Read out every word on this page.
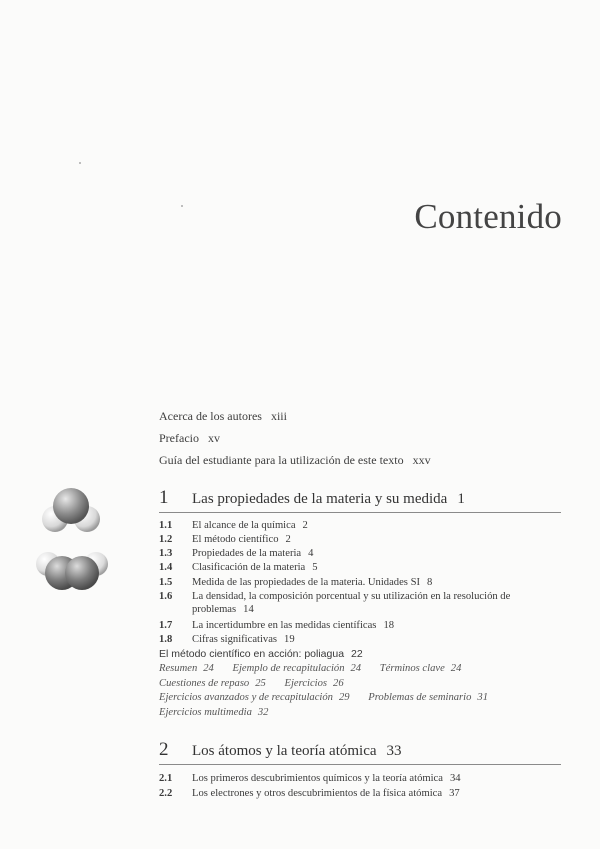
Contenido
Acerca de los autores xiii
Prefacio xv
Guía del estudiante para la utilización de este texto xxv
1 Las propiedades de la materia y su medida 1
1.1 El alcance de la química 2
1.2 El método científico 2
1.3 Propiedades de la materia 4
1.4 Clasificación de la materia 5
1.5 Medida de las propiedades de la materia. Unidades SI 8
1.6 La densidad, la composición porcentual y su utilización en la resolución de problemas 14
1.7 La incertidumbre en las medidas científicas 18
1.8 Cifras significativas 19
El método científico en acción: poliagua 22
Resumen 24 Ejemplo de recapitulación 24 Términos clave 24
Cuestiones de repaso 25 Ejercicios 26
Ejercicios avanzados y de recapitulación 29 Problemas de seminario 31
Ejercicios multimedia 32
2 Los átomos y la teoría atómica 33
2.1 Los primeros descubrimientos químicos y la teoría atómica 34
2.2 Los electrones y otros descubrimientos de la física atómica 37
